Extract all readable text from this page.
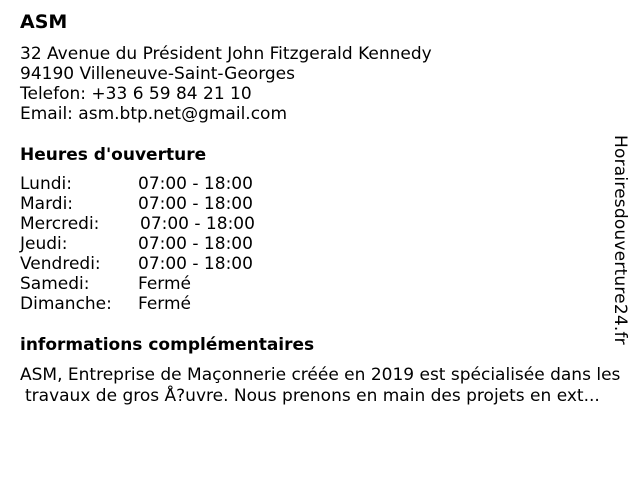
ASM
32 Avenue du Président John Fitzgerald Kennedy
94190 Villeneuve-Saint-Georges
Telefon: +33 6 59 84 21 10
Email: asm.btp.net@gmail.com
Heures d'ouverture
Lundi:	07:00 - 18:00
Mardi:	07:00 - 18:00
Mercredi: 07:00 - 18:00
Jeudi:	07:00 - 18:00
Vendredi: 07:00 - 18:00
Samedi:	Fermé
Dimanche: Fermé
informations complémentaires
ASM, Entreprise de Maçonnerie créée en 2019 est spécialisée dans les
travaux de gros Å?uvre. Nous prenons en main des projets en ext...
Horairesdouverture24.fr
